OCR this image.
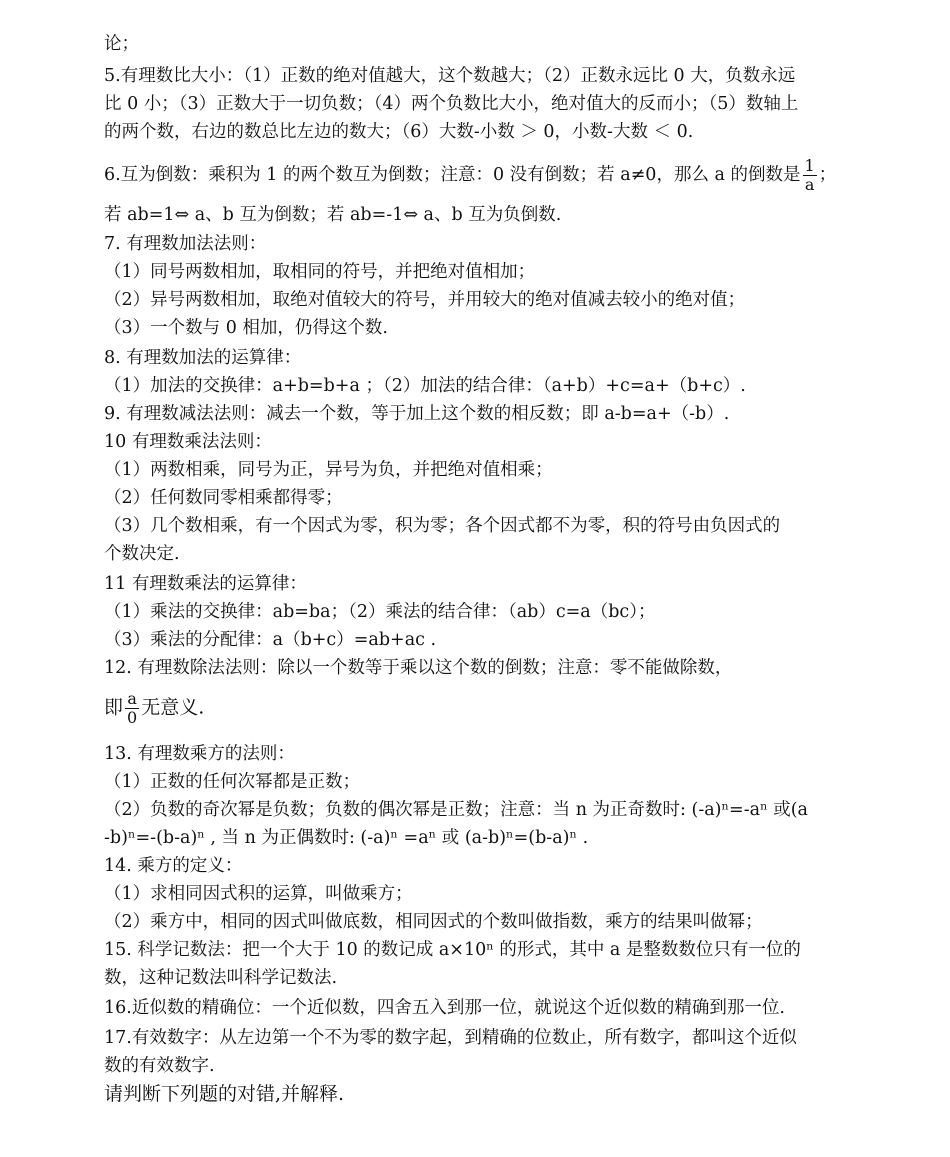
论；
5.有理数比大小：（1）正数的绝对值越大，这个数越大；（2）正数永远比 0 大，负数永远
比 0 小；（3）正数大于一切负数；（4）两个负数比大小，绝对值大的反而小；（5）数轴上
的两个数，右边的数总比左边的数大；（6）大数-小数 ＞ 0，小数-大数 ＜ 0.
6.互为倒数：乘积为 1 的两个数互为倒数；注意：0 没有倒数；若 a≠0，那么 a 的倒数是 $\frac{1}{a}$ ；
若 ab=1⇔ a、b 互为倒数；若 ab=-1⇔ a、b 互为负倒数.
7. 有理数加法法则：
（1）同号两数相加，取相同的符号，并把绝对值相加；
（2）异号两数相加，取绝对值较大的符号，并用较大的绝对值减去较小的绝对值；
（3）一个数与 0 相加，仍得这个数.
8. 有理数加法的运算律：
（1）加法的交换律：a+b=b+a ；（2）加法的结合律：（a+b）+c=a+（b+c）.
9. 有理数减法法则：减去一个数，等于加上这个数的相反数；即 a-b=a+（-b）.
10 有理数乘法法则：
（1）两数相乘，同号为正，异号为负，并把绝对值相乘；
（2）任何数同零相乘都得零；
（3）几个数相乘，有一个因式为零，积为零；各个因式都不为零，积的符号由负因式的
个数决定.
11 有理数乘法的运算律：
（1）乘法的交换律：ab=ba；（2）乘法的结合律：（ab）c=a（bc）；
（3）乘法的分配律：a（b+c）=ab+ac .
12. 有理数除法法则：除以一个数等于乘以这个数的倒数；注意：零不能做除数，
即 $\frac{a}{0}$ 无意义.
13. 有理数乘方的法则：
（1）正数的任何次幂都是正数；
（2）负数的奇次幂是负数；负数的偶次幂是正数；注意：当 n 为正奇数时: (-a)ⁿ=-aⁿ 或(a
-b)ⁿ=-(b-a)ⁿ , 当 n 为正偶数时: (-a)ⁿ =aⁿ 或 (a-b)ⁿ=(b-a)ⁿ .
14. 乘方的定义：
（1）求相同因式积的运算，叫做乘方；
（2）乘方中，相同的因式叫做底数，相同因式的个数叫做指数，乘方的结果叫做幂；
15. 科学记数法：把一个大于 10 的数记成 a×10ⁿ 的形式，其中 a 是整数数位只有一位的
数，这种记数法叫科学记数法.
16.近似数的精确位：一个近似数，四舍五入到那一位，就说这个近似数的精确到那一位.
17.有效数字：从左边第一个不为零的数字起，到精确的位数止，所有数字，都叫这个近似
数的有效数字.
请判断下列题的对错,并解释.
